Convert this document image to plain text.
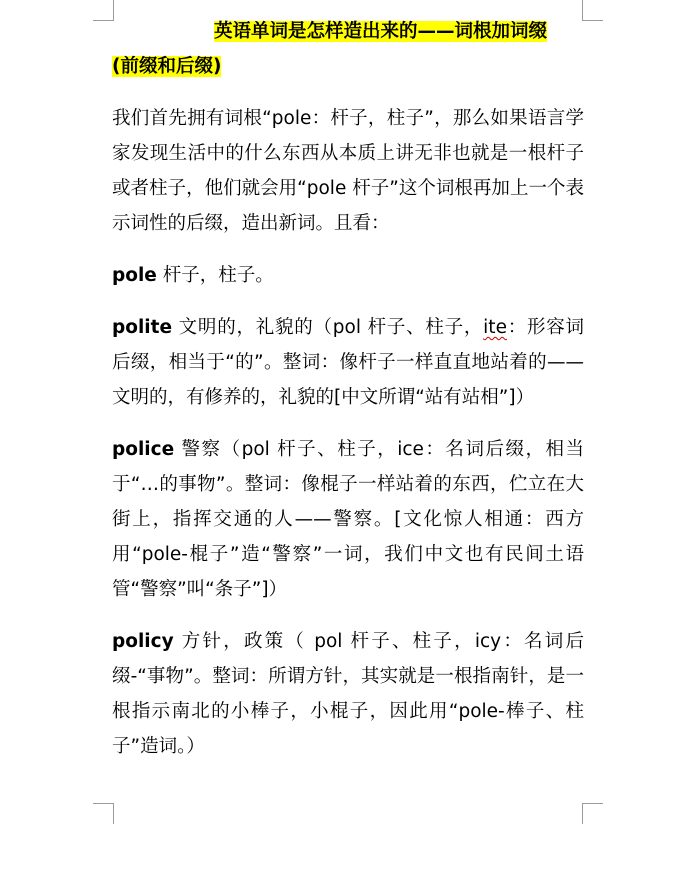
英语单词是怎样造出来的——词根加词缀
(前缀和后缀)

我们首先拥有词根“pole：杆子，柱子”，那么如果语言学家发现生活中的什么东西从本质上讲无非也就是一根杆子或者柱子，他们就会用“pole 杆子”这个词根再加上一个表示词性的后缀，造出新词。且看：

pole 杆子，柱子。

polite 文明的，礼貌的（pol 杆子、柱子，ite：形容词后缀，相当于“的”。整词：像杆子一样直直地站着的——文明的，有修养的，礼貌的[中文所谓“站有站相”]）

police 警察（pol 杆子、柱子，ice：名词后缀，相当于“…的事物”。整词：像棍子一样站着的东西，伫立在大街上，指挥交通的人——警察。[文化惊人相通：西方用“pole-棍子”造“警察”一词，我们中文也有民间土语管“警察”叫“条子”]）

policy 方针，政策（ pol 杆子、柱子，icy：名词后缀-“事物”。整词：所谓方针，其实就是一根指南针，是一根指示南北的小棒子，小棍子，因此用“pole-棒子、柱子”造词。）
